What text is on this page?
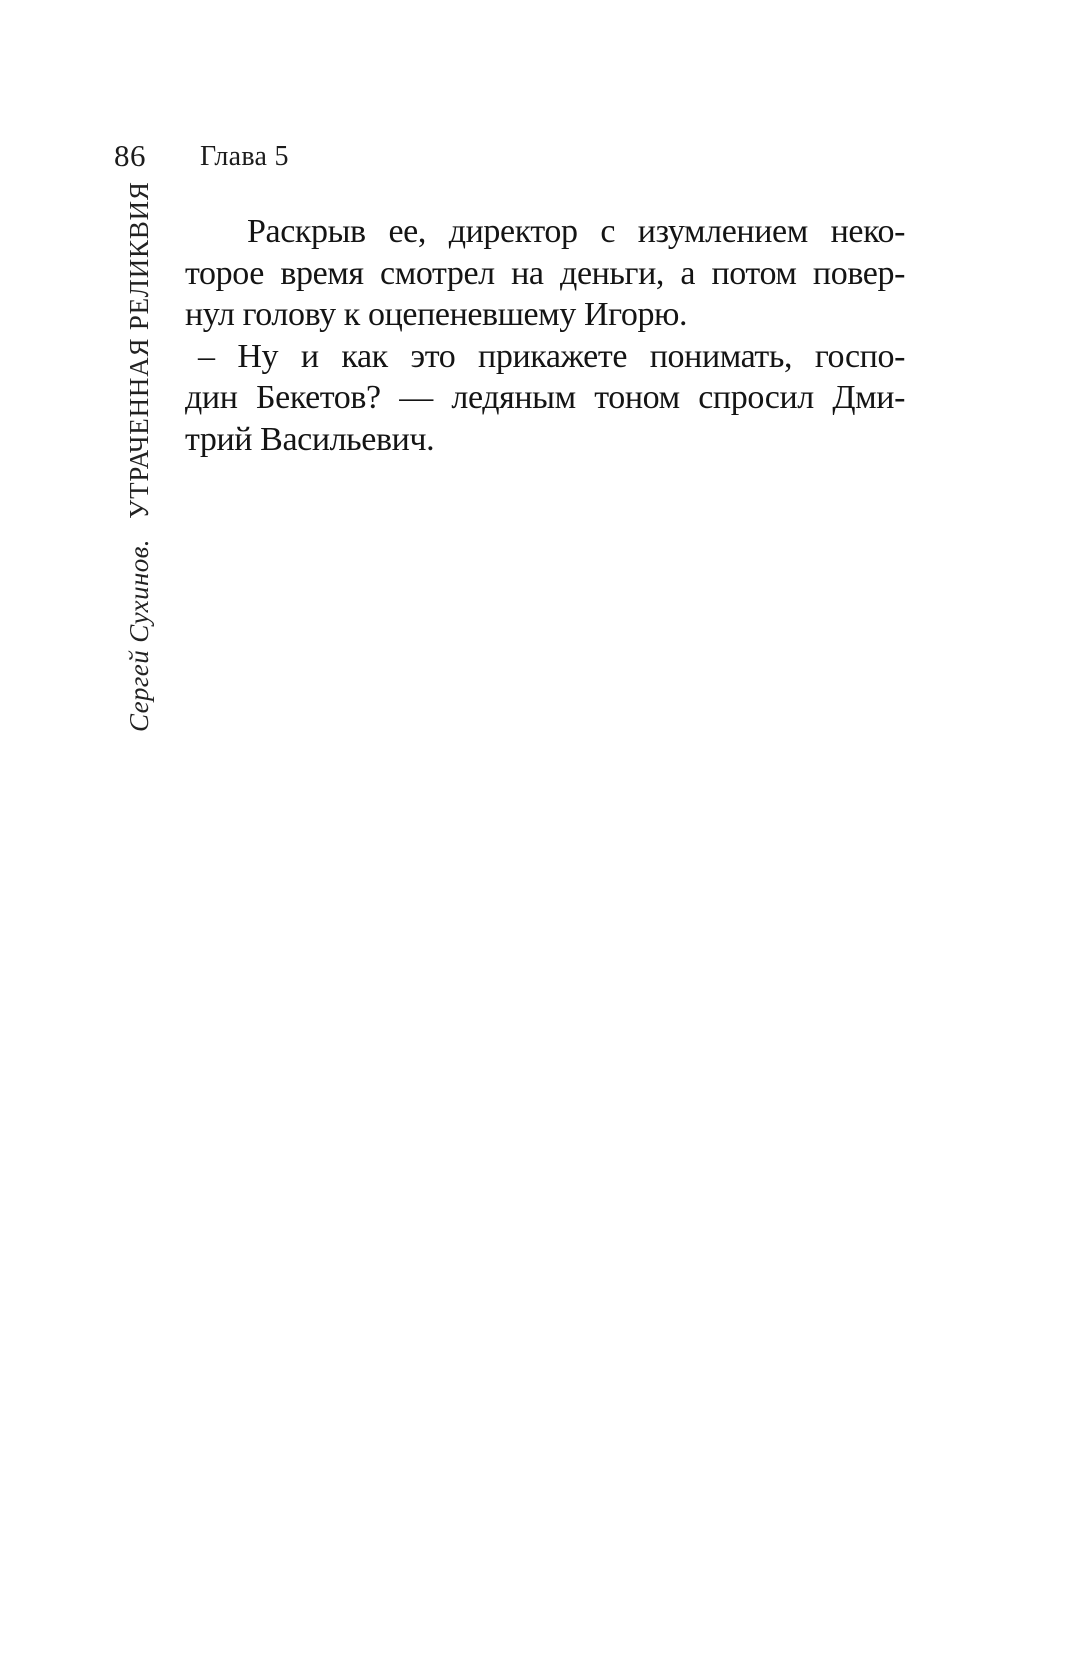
86 Глава 5
Сергей Сухинов.   УТРАЧЕННАЯ РЕЛИКВИЯ	Раскрыв ее, директор с изумлением неко-
торое время смотрел на деньги, а потом повер-
нул голову к оцепеневшему Игорю.
– Ну и как это прикажете понимать, госпо-
дин Бекетов? — ледяным тоном спросил Дми-
трий Васильевич.
